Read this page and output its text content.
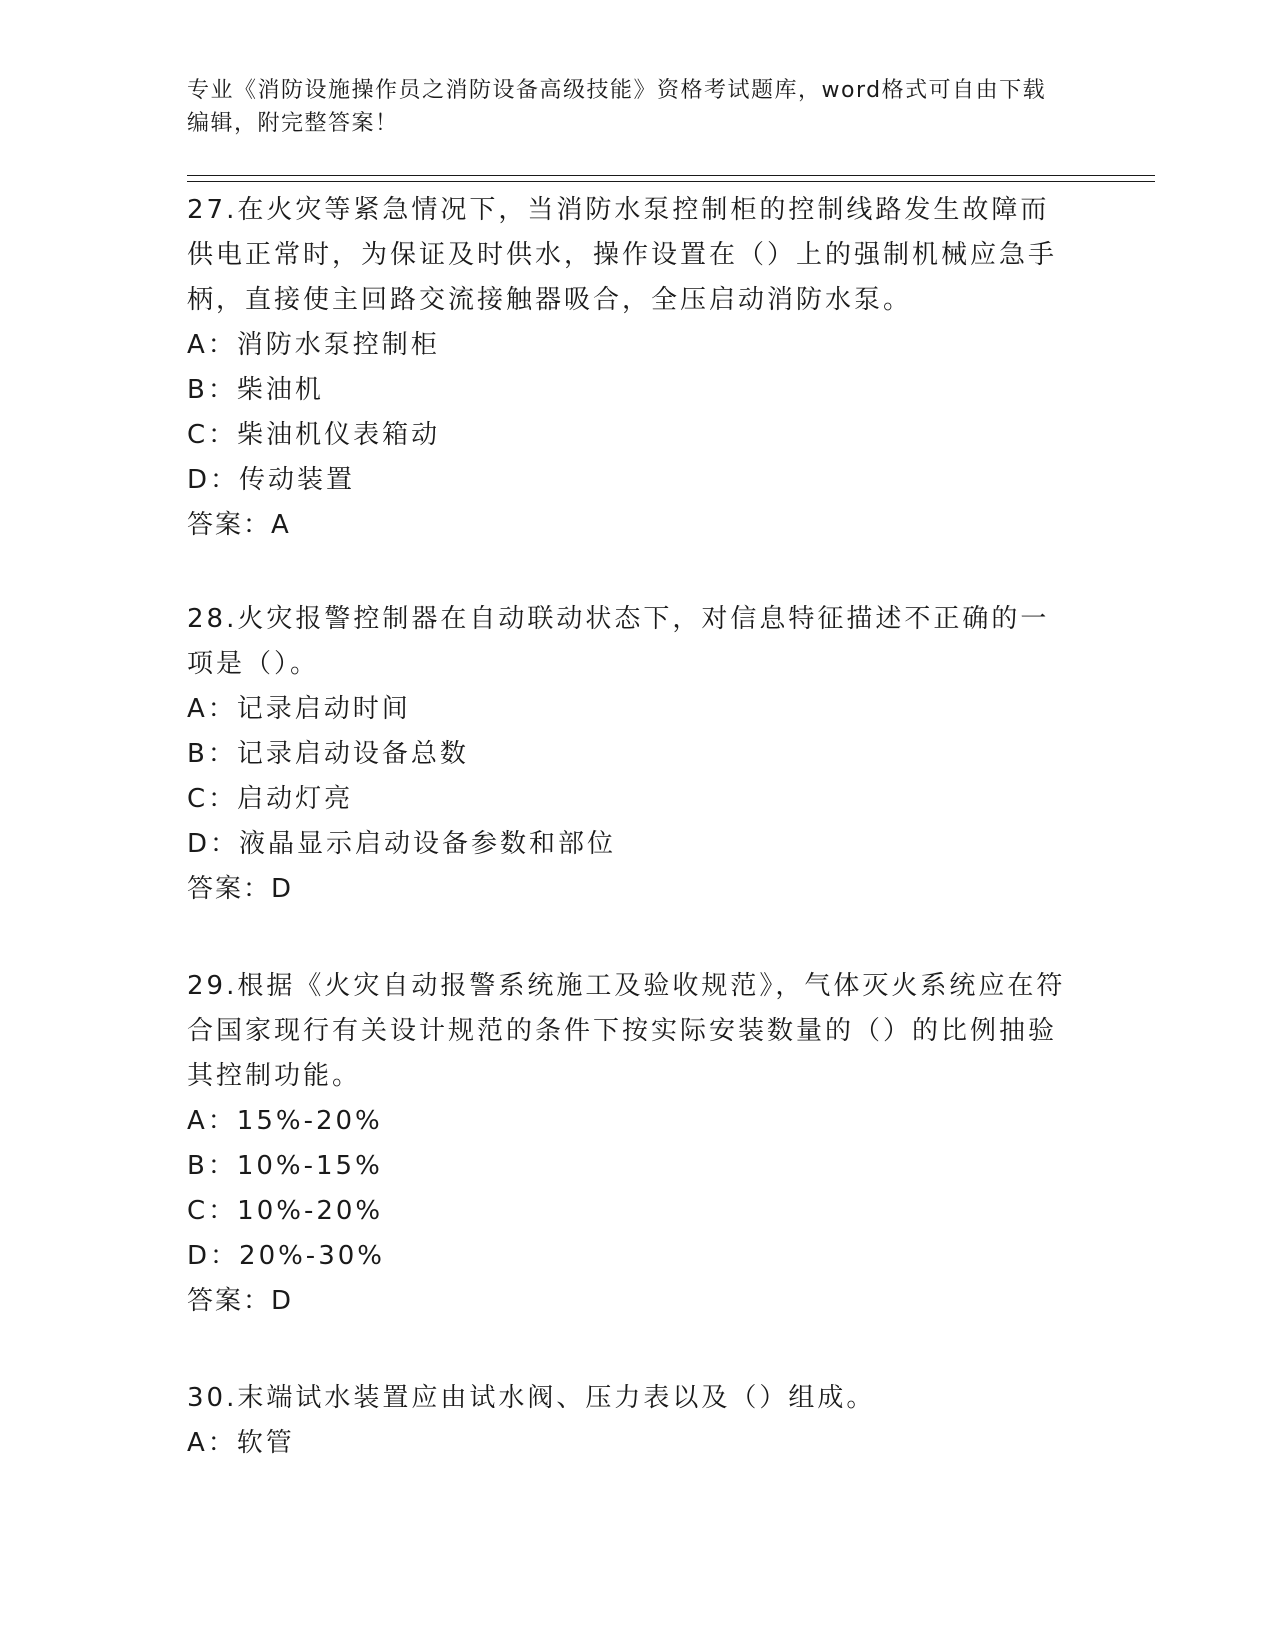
专业《消防设施操作员之消防设备高级技能》资格考试题库，word格式可自由下载编辑，附完整答案！

27.在火灾等紧急情况下，当消防水泵控制柜的控制线路发生故障而供电正常时，为保证及时供水，操作设置在（）上的强制机械应急手柄，直接使主回路交流接触器吸合，全压启动消防水泵。

A：消防水泵控制柜

B：柴油机

C：柴油机仪表箱动

D：传动装置

答案：A

28.火灾报警控制器在自动联动状态下，对信息特征描述不正确的一项是（）。

A：记录启动时间

B：记录启动设备总数

C：启动灯亮

D：液晶显示启动设备参数和部位

答案：D

29.根据《火灾自动报警系统施工及验收规范》，气体灭火系统应在符合国家现行有关设计规范的条件下按实际安装数量的（）的比例抽验其控制功能。

A：15%-20%

B：10%-15%

C：10%-20%

D：20%-30%

答案：D

30.末端试水装置应由试水阀、压力表以及（）组成。

A：软管
